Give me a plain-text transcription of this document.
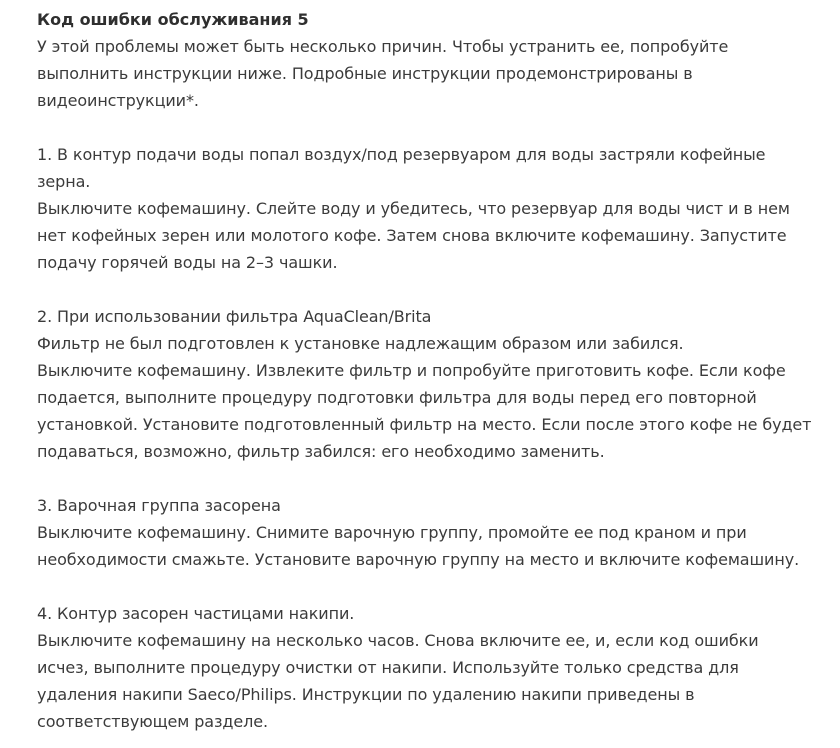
Код ошибки обслуживания 5

У этой проблемы может быть несколько причин. Чтобы устранить ее, попробуйте
выполнить инструкции ниже. Подробные инструкции продемонстрированы в
видеоинструкции*.

1. В контур подачи воды попал воздух/под резервуаром для воды застряли кофейные
зерна.

Выключите кофемашину. Слейте воду и убедитесь, что резервуар для воды чист и в нем
нет кофейных зерен или молотого кофе. Затем снова включите кофемашину. Запустите
подачу горячей воды на 2–3 чашки.

2. При использовании фильтра AquaClean/Brita

Фильтр не был подготовлен к установке надлежащим образом или забился.
Выключите кофемашину. Извлеките фильтр и попробуйте приготовить кофе. Если кофе
подается, выполните процедуру подготовки фильтра для воды перед его повторной
установкой. Установите подготовленный фильтр на место. Если после этого кофе не будет
подаваться, возможно, фильтр забился: его необходимо заменить.

3. Варочная группа засорена

Выключите кофемашину. Снимите варочную группу, промойте ее под краном и при
необходимости смажьте. Установите варочную группу на место и включите кофемашину.

4. Контур засорен частицами накипи.

Выключите кофемашину на несколько часов. Снова включите ее, и, если код ошибки
исчез, выполните процедуру очистки от накипи. Используйте только средства для
удаления накипи Saeco/Philips. Инструкции по удалению накипи приведены в
соответствующем разделе.
